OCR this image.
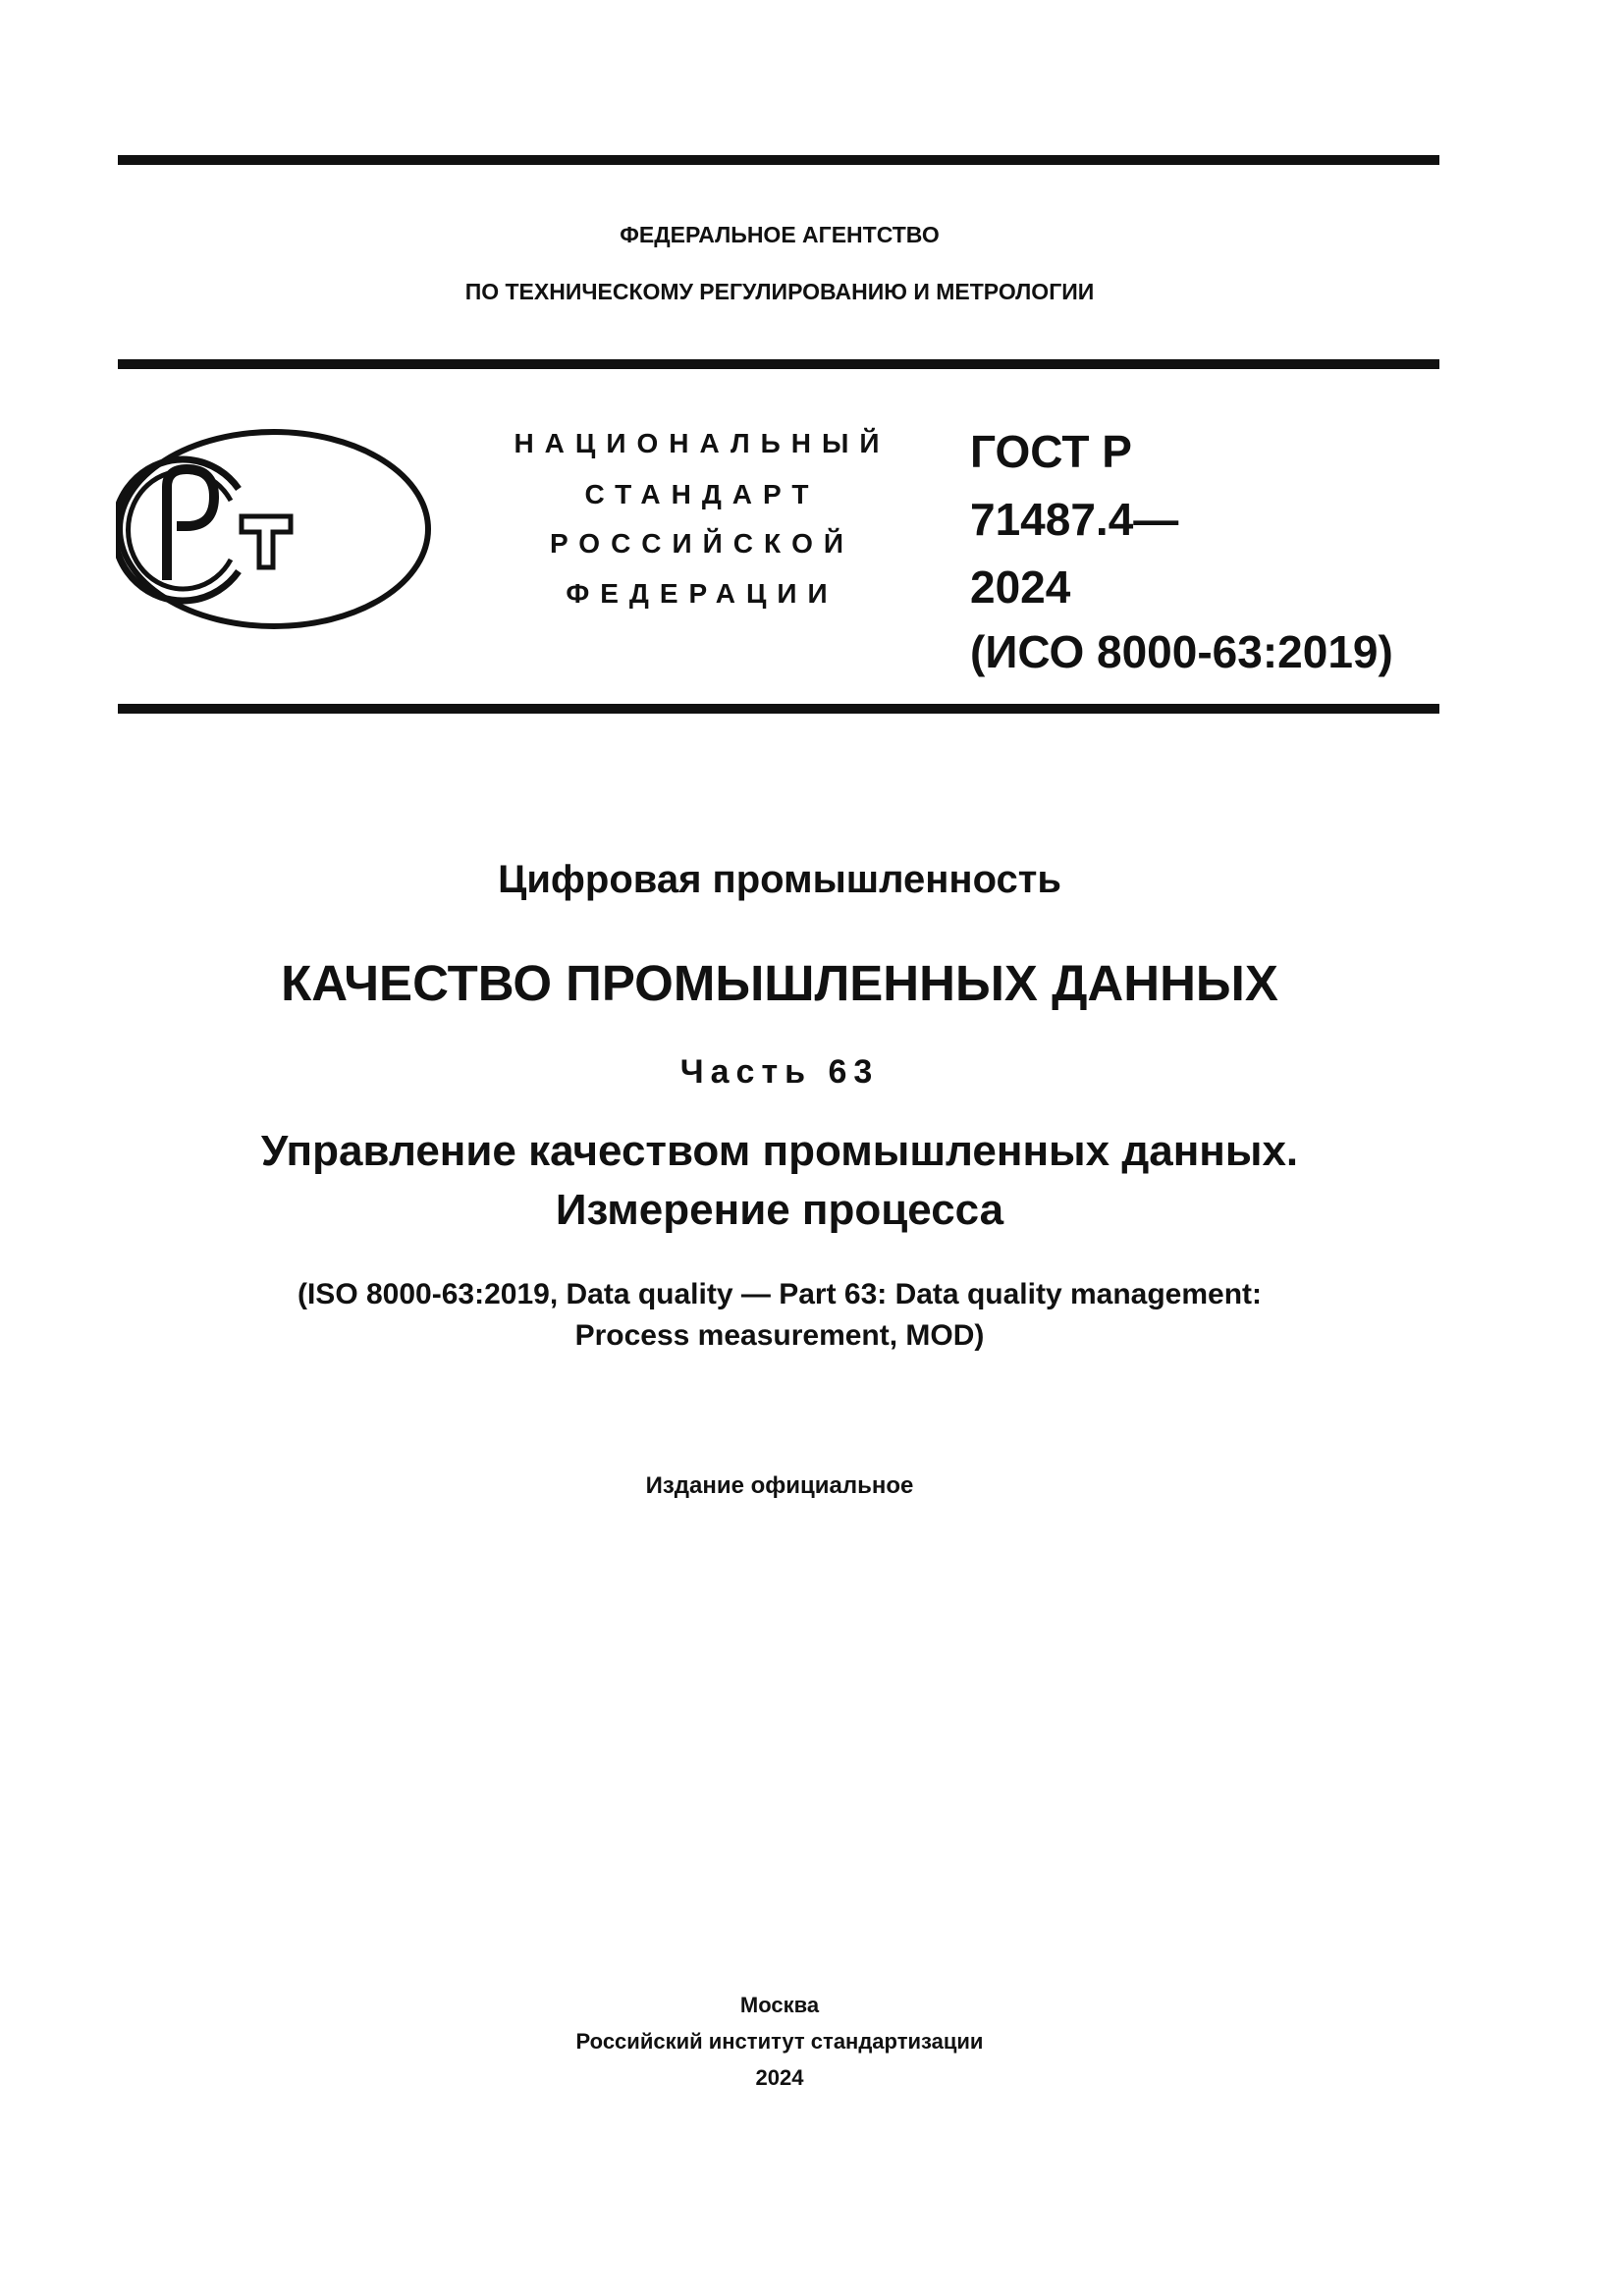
ФЕДЕРАЛЬНОЕ АГЕНТСТВО
ПО ТЕХНИЧЕСКОМУ РЕГУЛИРОВАНИЮ И МЕТРОЛОГИИ
НАЦИОНАЛЬНЫЙ
СТАНДАРТ
РОССИЙСКОЙ
ФЕДЕРАЦИИ
ГОСТ Р
71487.4—
2024
(ИСО 8000-63:2019)
Цифровая промышленность
КАЧЕСТВО ПРОМЫШЛЕННЫХ ДАННЫХ
Часть 63
Управление качеством промышленных данных.
Измерение процесса
(ISO 8000-63:2019, Data quality — Part 63: Data quality management:
Process measurement, MOD)
Издание официальное
Москва
Российский институт стандартизации
2024
